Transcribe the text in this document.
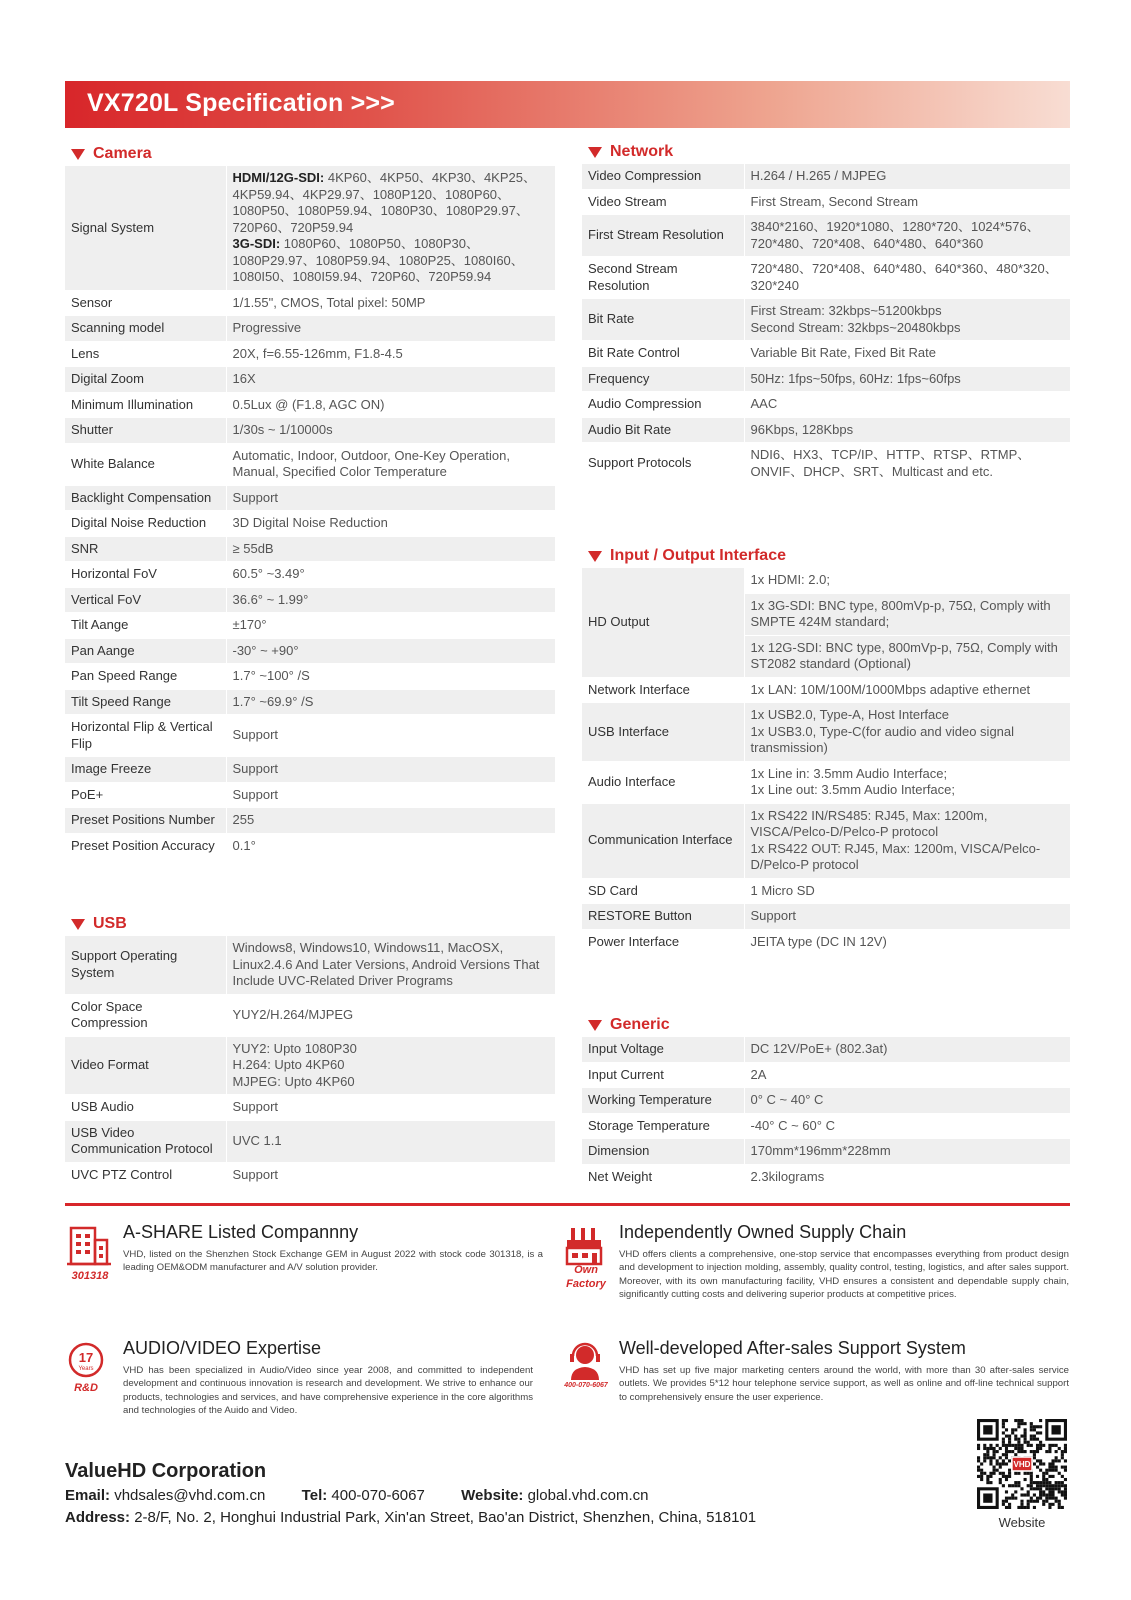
VX720L Specification >>>
Camera
Signal System	HDMI/12G-SDI: 4KP60、4KP50、4KP30、4KP25、4KP59.94、4KP29.97、1080P120、1080P60、1080P50、1080P59.94、1080P30、1080P29.97、720P60、720P59.94
3G-SDI: 1080P60、1080P50、1080P30、1080P29.97、1080P59.94、1080P25、1080I60、1080I50、1080I59.94、720P60、720P59.94
Sensor	1/1.55", CMOS, Total pixel: 50MP
Scanning model	Progressive
Lens	20X, f=6.55-126mm, F1.8-4.5
Digital Zoom	16X
Minimum Illumination	0.5Lux @ (F1.8, AGC ON)
Shutter	1/30s ~ 1/10000s
White Balance	Automatic, Indoor, Outdoor, One-Key Operation, Manual, Specified Color Temperature
Backlight Compensation	Support
Digital Noise Reduction	3D Digital Noise Reduction
SNR	≥ 55dB
Horizontal FoV	60.5° ~3.49°
Vertical FoV	36.6° ~ 1.99°
Tilt Aange	±170°
Pan Aange	-30° ~ +90°
Pan Speed Range	1.7° ~100° /S
Tilt Speed Range	1.7° ~69.9° /S
Horizontal Flip & Vertical Flip	Support
Image Freeze	Support
PoE+	Support
Preset Positions Number	255
Preset Position Accuracy	0.1°
USB
Support Operating System	Windows8, Windows10, Windows11, MacOSX, Linux2.4.6 And Later Versions, Android Versions That Include UVC-Related Driver Programs
Color Space Compression	YUY2/H.264/MJPEG
Video Format	YUY2: Upto 1080P30
H.264: Upto 4KP60
MJPEG: Upto 4KP60
USB Audio	Support
USB Video Communication Protocol	UVC 1.1
UVC PTZ Control	Support
Network
Video Compression	H.264 / H.265 / MJPEG
Video Stream	First Stream, Second Stream
First Stream Resolution	3840*2160、1920*1080、1280*720、1024*576、720*480、720*408、640*480、640*360
Second Stream Resolution	720*480、720*408、640*480、640*360、480*320、320*240
Bit Rate	First Stream: 32kbps~51200kbps
Second Stream: 32kbps~20480kbps
Bit Rate Control	Variable Bit Rate, Fixed Bit Rate
Frequency	50Hz: 1fps~50fps, 60Hz: 1fps~60fps
Audio Compression	AAC
Audio Bit Rate	96Kbps, 128Kbps
Support Protocols	NDI6、HX3、TCP/IP、HTTP、RTSP、RTMP、ONVIF、DHCP、SRT、Multicast and etc.
Input / Output Interface
HD Output	1x HDMI: 2.0;
	1x 3G-SDI: BNC type, 800mVp-p, 75Ω, Comply with SMPTE 424M standard;
	1x 12G-SDI: BNC type, 800mVp-p, 75Ω, Comply with ST2082 standard (Optional)
Network Interface	1x LAN: 10M/100M/1000Mbps adaptive ethernet
USB Interface	1x USB2.0, Type-A, Host Interface
1x USB3.0, Type-C(for audio and video signal transmission)
Audio Interface	1x Line in: 3.5mm Audio Interface;
1x Line out: 3.5mm Audio Interface;
Communication Interface	1x RS422 IN/RS485: RJ45, Max: 1200m, VISCA/Pelco-D/Pelco-P protocol
1x RS422 OUT: RJ45, Max: 1200m, VISCA/Pelco-D/Pelco-P protocol
SD Card	1 Micro SD
RESTORE Button	Support
Power Interface	JEITA type (DC IN 12V)
Generic
Input Voltage	DC 12V/PoE+ (802.3at)
Input Current	2A
Working Temperature	0° C ~ 40° C
Storage Temperature	-40° C ~ 60° C
Dimension	170mm*196mm*228mm
Net Weight	2.3kilograms
301318
A-SHARE Listed Compannny
VHD, listed on the Shenzhen Stock Exchange GEM in August 2022 with stock code 301318, is a leading OEM&ODM manufacturer and A/V solution provider.	Own
Factory
Independently Owned Supply Chain
VHD offers clients a comprehensive, one-stop service that encompasses everything from product design and development to injection molding, assembly, quality control, testing, logistics, and after sales support. Moreover, with its own manufacturing facility, VHD ensures a consistent and dependable supply chain, significantly cutting costs and delivering superior products at competitive prices.
17
Years
R&D
AUDIO/VIDEO Expertise
VHD has been specialized in Audio/Video since year 2008, and committed to independent development and continuous innovation is research and development. We strive to enhance our products, technologies and services, and have comprehensive experience in the core algorithms and technologies of the Auido and Video.
400-070-6067
Well-developed After-sales Support System
VHD has set up five major marketing centers around the world, with more than 30 after-sales service outlets. We provides 5*12 hour telephone service support, as well as online and off-line technical support to comprehensively ensure the user experience.
ValueHD Corporation
Email: vhdsales@vhd.com.cn Tel: 400-070-6067 Website: global.vhd.com.cn
Address: 2-8/F, No. 2, Honghui Industrial Park, Xin'an Street, Bao'an District, Shenzhen, China, 518101
VHD
Website
